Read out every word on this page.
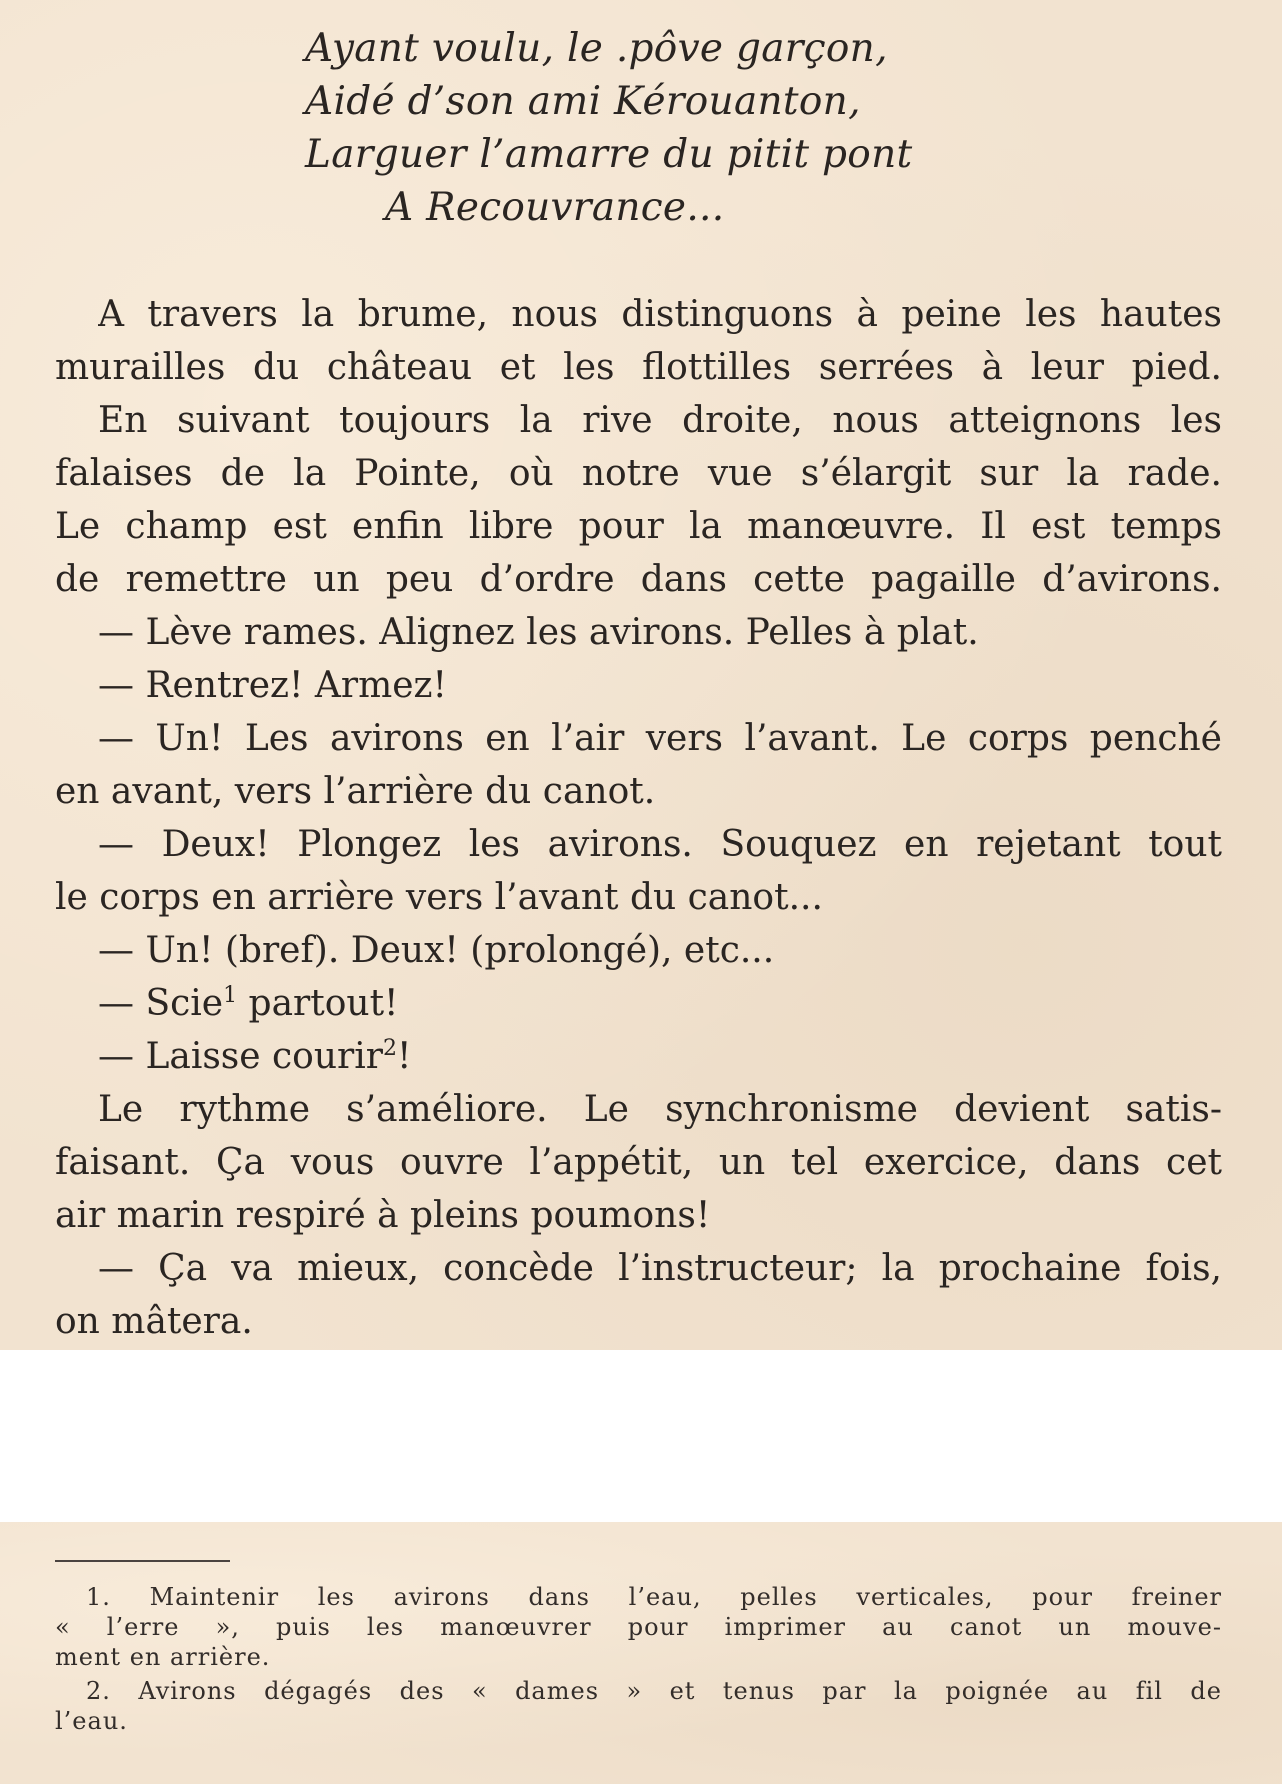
Ayant voulu, le .pôve garçon,

Aidé d’son ami Kérouanton,

Larguer l’amarre du pitit pont

A Recouvrance...

A travers la brume, nous distinguons à peine les hautes

murailles du château et les flottilles serrées à leur pied.

En suivant toujours la rive droite, nous atteignons les

falaises de la Pointe, où notre vue s’élargit sur la rade.

Le champ est enfin libre pour la manœuvre. Il est temps

de remettre un peu d’ordre dans cette pagaille d’avirons.

— Lève rames. Alignez les avirons. Pelles à plat.

— Rentrez! Armez!

— Un! Les avirons en l’air vers l’avant. Le corps penché

en avant, vers l’arrière du canot.

— Deux! Plongez les avirons. Souquez en rejetant tout

le corps en arrière vers l’avant du canot...

— Un! (bref). Deux! (prolongé), etc...

— Scie$^1$ partout!

— Laisse courir$^2$!

Le rythme s’améliore. Le synchronisme devient satis-

faisant. Ça vous ouvre l’appétit, un tel exercice, dans cet

air marin respiré à pleins poumons!

— Ça va mieux, concède l’instructeur; la prochaine fois,

on mâtera.

1. Maintenir les avirons dans l’eau, pelles verticales, pour freiner

« l’erre », puis les manœuvrer pour imprimer au canot un mouve-

ment en arrière.

2. Avirons dégagés des « dames » et tenus par la poignée au fil de

l’eau.
